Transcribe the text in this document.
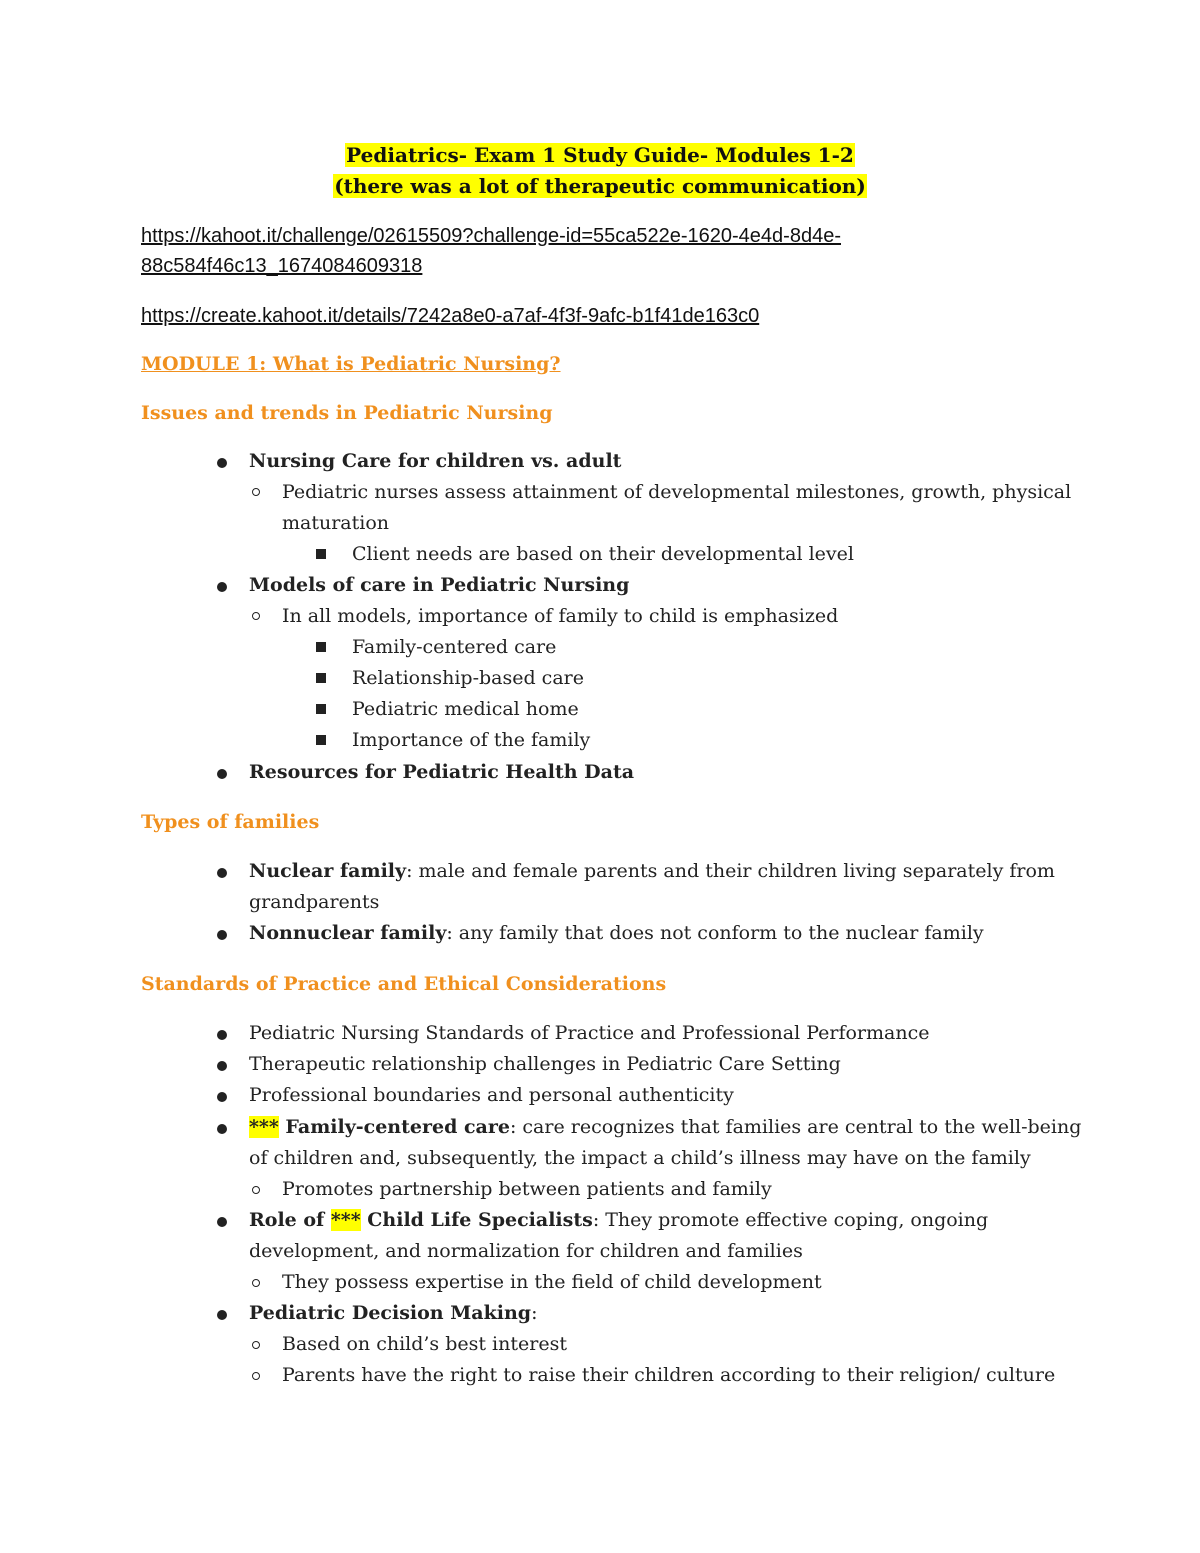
Pediatrics- Exam 1 Study Guide- Modules 1-2
(there was a lot of therapeutic communication)
https://kahoot.it/challenge/02615509?challenge-id=55ca522e-1620-4e4d-8d4e-
88c584f46c13_1674084609318
https://create.kahoot.it/details/7242a8e0-a7af-4f3f-9afc-b1f41de163c0
MODULE 1: What is Pediatric Nursing?
Issues and trends in Pediatric Nursing
Nursing Care for children vs. adult
Pediatric nurses assess attainment of developmental milestones, growth, physical
maturation
Client needs are based on their developmental level
Models of care in Pediatric Nursing
In all models, importance of family to child is emphasized
Family-centered care
Relationship-based care
Pediatric medical home
Importance of the family
Resources for Pediatric Health Data
Types of families
Nuclear family: male and female parents and their children living separately from
grandparents
Nonnuclear family: any family that does not conform to the nuclear family
Standards of Practice and Ethical Considerations
Pediatric Nursing Standards of Practice and Professional Performance
Therapeutic relationship challenges in Pediatric Care Setting
Professional boundaries and personal authenticity
*** Family-centered care: care recognizes that families are central to the well-being
of children and, subsequently, the impact a child’s illness may have on the family
Promotes partnership between patients and family
Role of *** Child Life Specialists: They promote effective coping, ongoing
development, and normalization for children and families
They possess expertise in the field of child development
Pediatric Decision Making:
Based on child’s best interest
Parents have the right to raise their children according to their religion/ culture
